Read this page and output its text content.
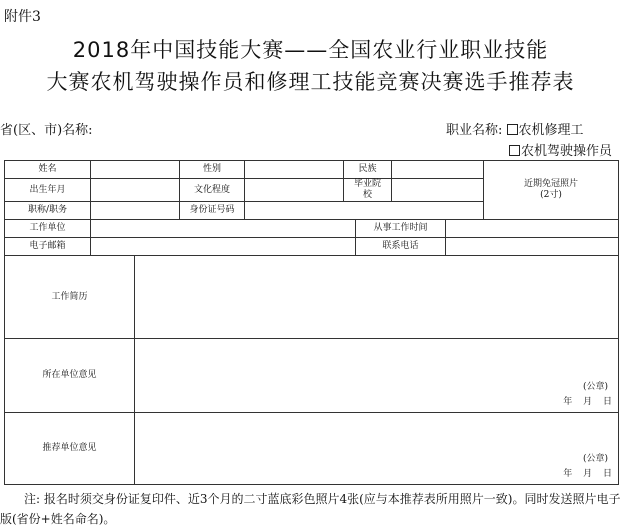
附件3
2018年中国技能大赛——全国农业行业职业技能
大赛农机驾驶操作员和修理工技能竞赛决赛选手推荐表
省(区、市)名称:	职业名称: 农机修理工
农机驾驶操作员
姓名			性别		民族				近期免冠照片
(2寸)

出生年月			文化程度		毕业院
校				

职称/职务			身份证号码						
工作单位						从事工作时间			
电子邮箱						联系电话			
工作简历									
所在单位意见		(公章)
年 月 日							

推荐单位意见		(公章)
年 月 日							
注: 报名时须交身份证复印件、近3个月的二寸蓝底彩色照片4张(应与本推荐表所用照片一致)。同时发送照片电子版(省份+姓名命名)。
